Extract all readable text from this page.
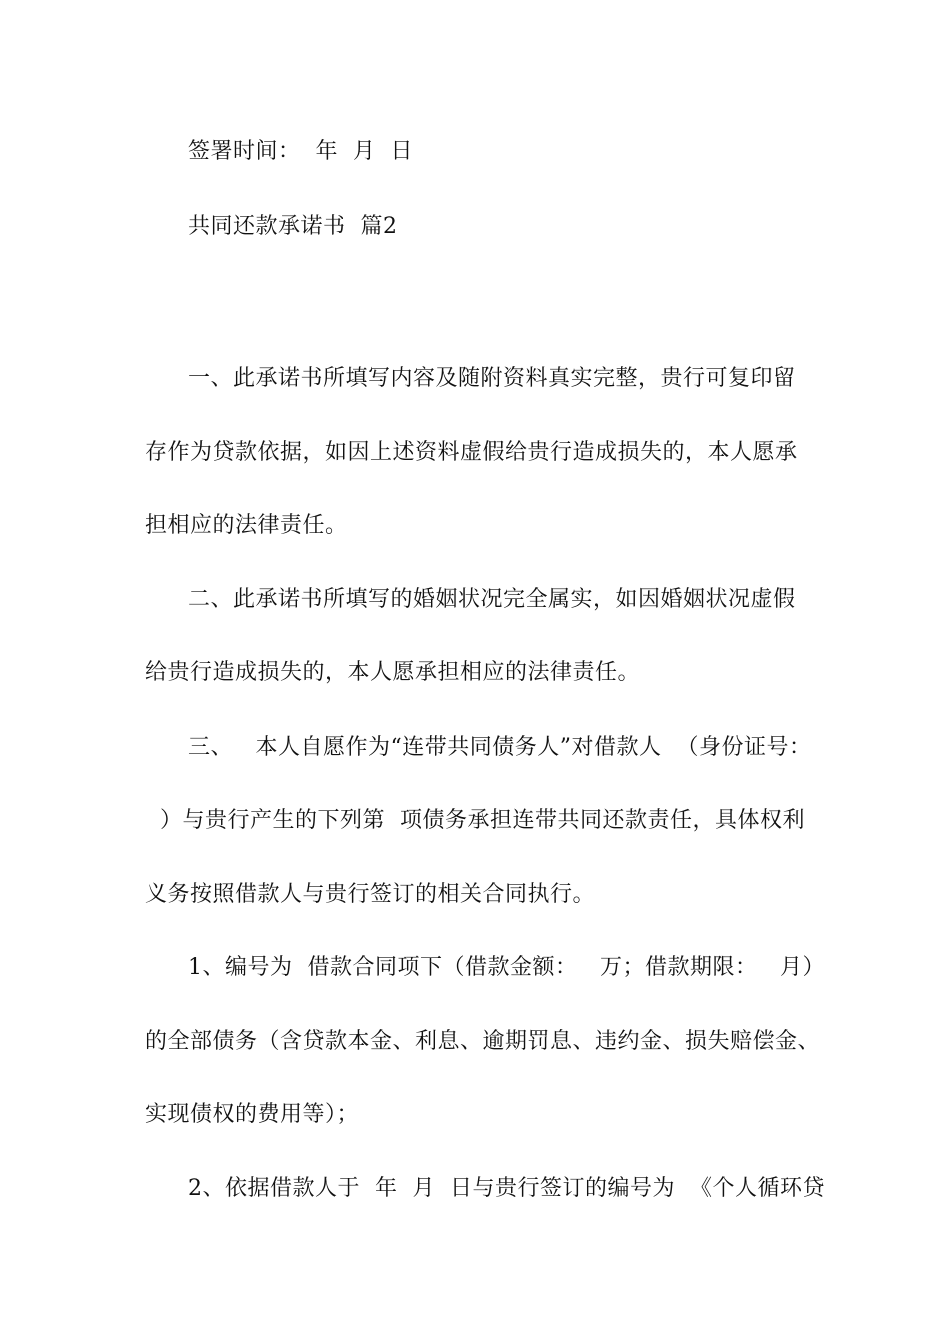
签署时间：  年  月  日
共同还款承诺书  篇2
一、此承诺书所填写内容及随附资料真实完整，贵行可复印留
存作为贷款依据，如因上述资料虚假给贵行造成损失的，本人愿承
担相应的法律责任。
二、此承诺书所填写的婚姻状况完全属实，如因婚姻状况虚假
给贵行造成损失的，本人愿承担相应的法律责任。
三、   本人自愿作为“连带共同债务人”对借款人  （身份证号：
）与贵行产生的下列第  项债务承担连带共同还款责任，具体权利
义务按照借款人与贵行签订的相关合同执行。
1、编号为  借款合同项下（借款金额：   万；借款期限：   月）
的全部债务（含贷款本金、利息、逾期罚息、违约金、损失赔偿金、
实现债权的费用等）；
2、依据借款人于  年  月  日与贵行签订的编号为  《个人循环贷
